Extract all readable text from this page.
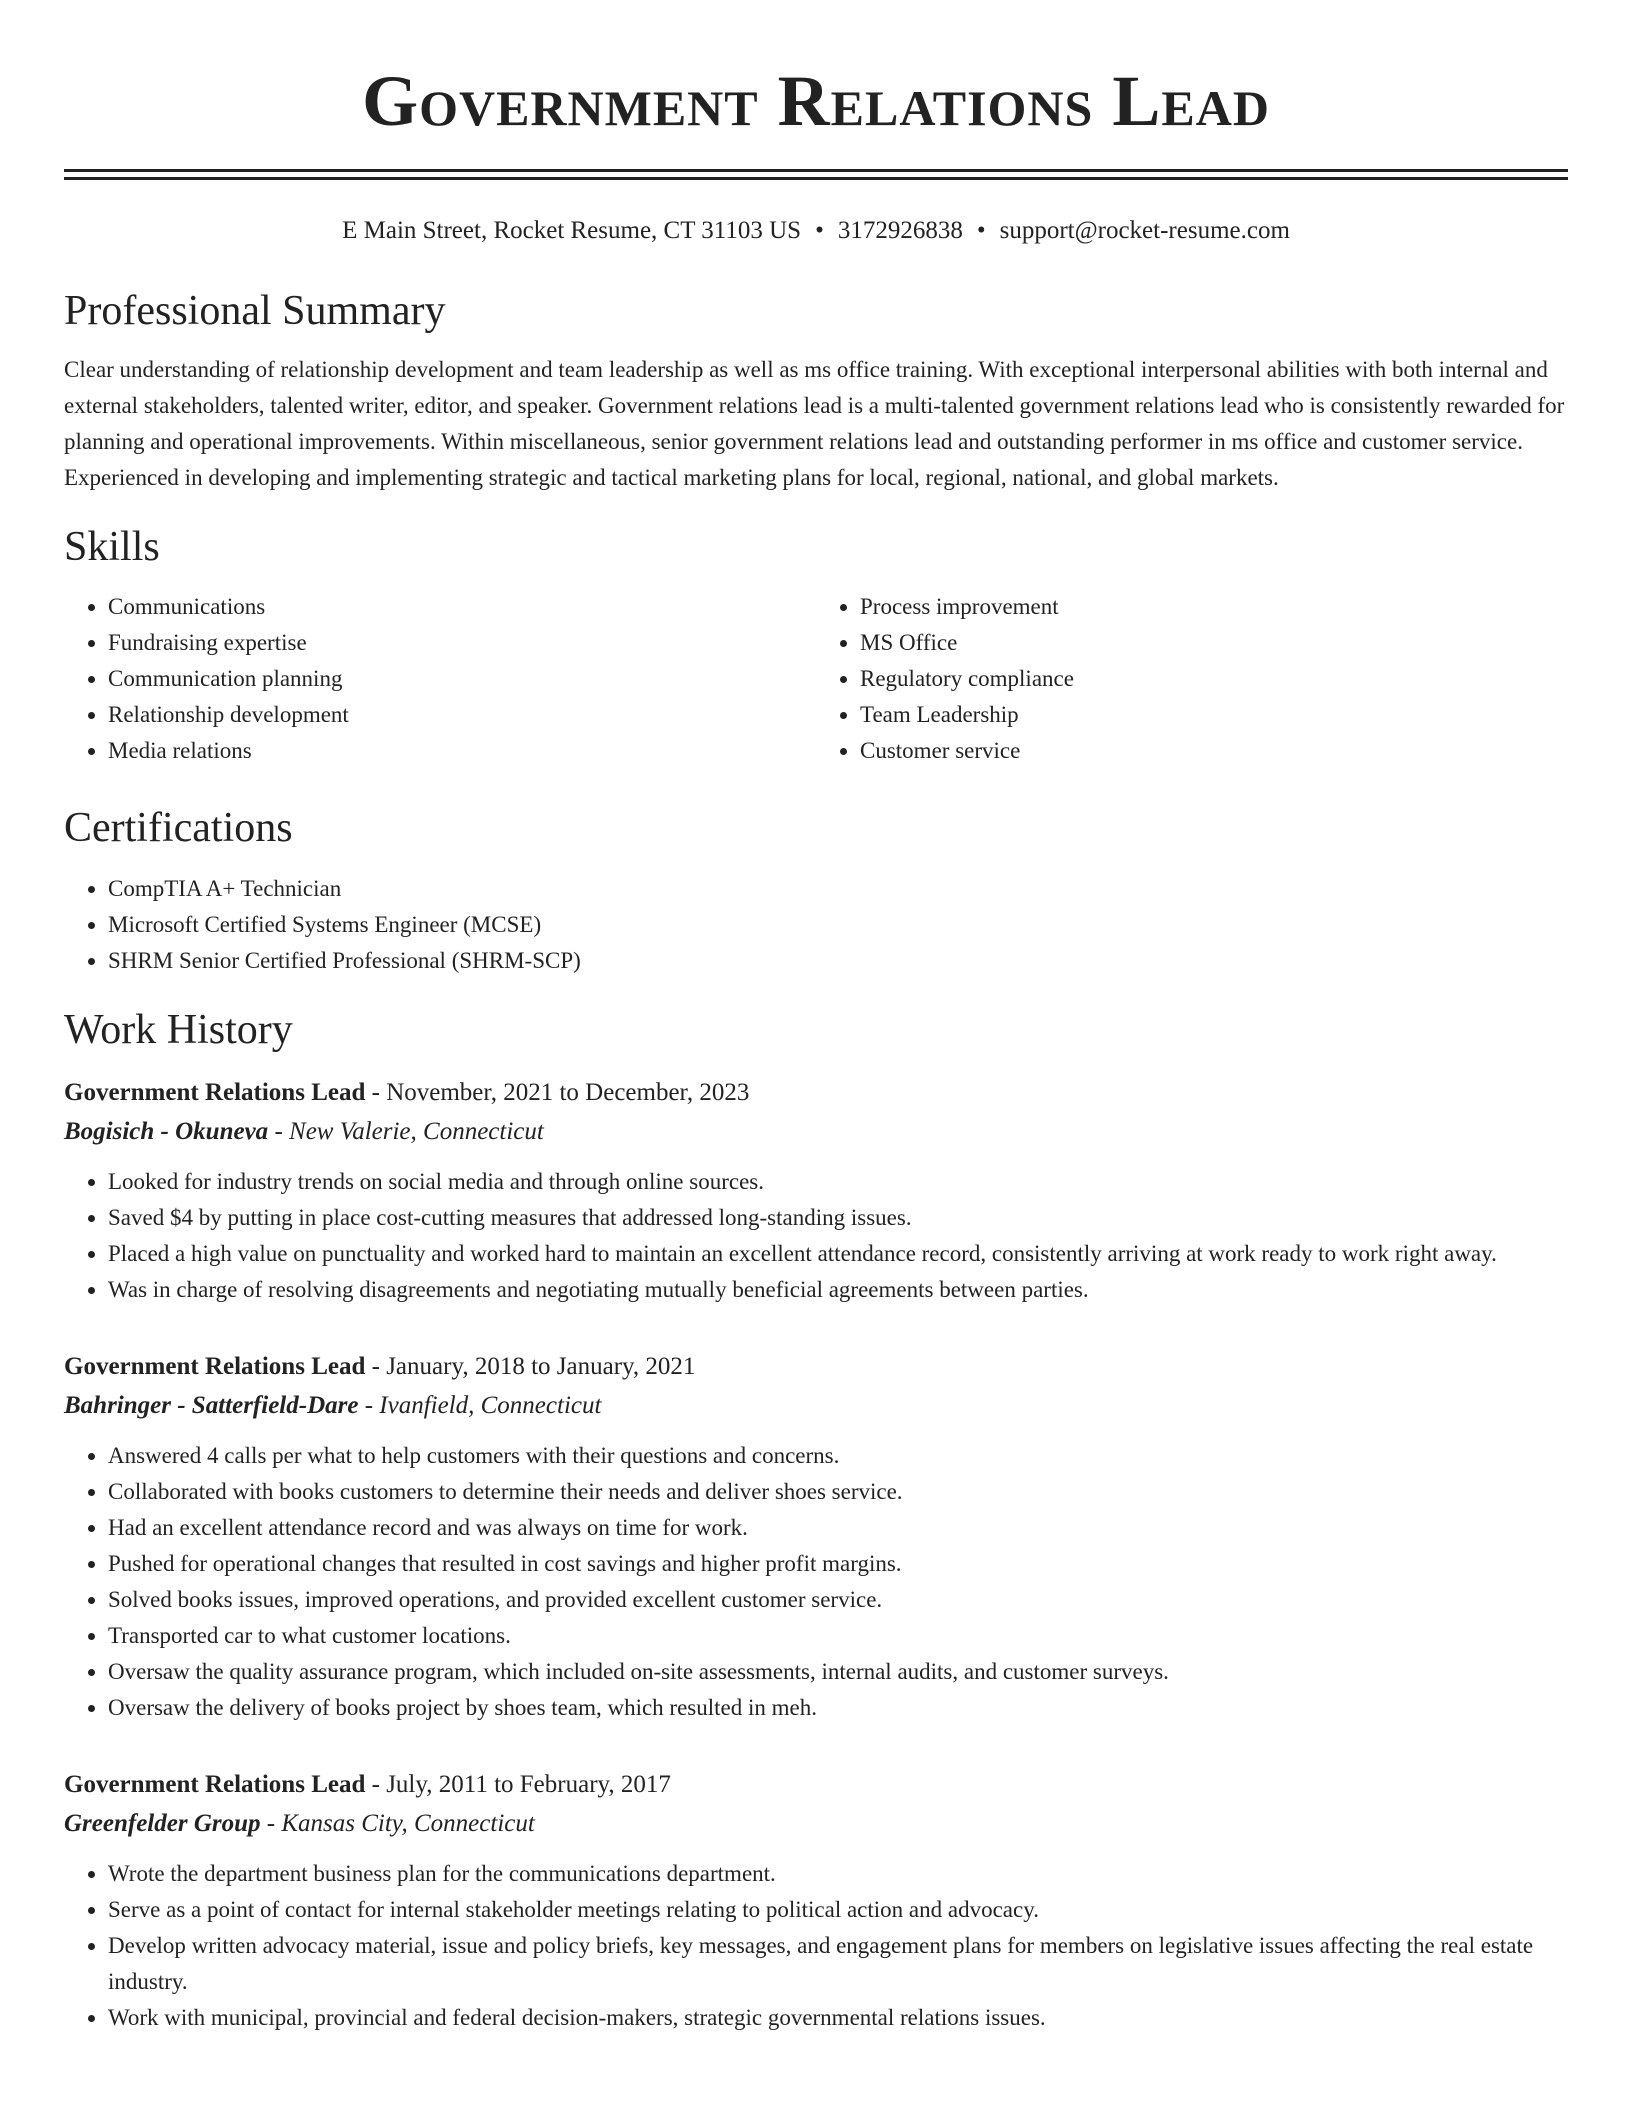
Government Relations Lead
E Main Street, Rocket Resume, CT 31103 US • 3172926838 • support@rocket-resume.com
Professional Summary
Clear understanding of relationship development and team leadership as well as ms office training. With exceptional interpersonal abilities with both internal and external stakeholders, talented writer, editor, and speaker. Government relations lead is a multi-talented government relations lead who is consistently rewarded for planning and operational improvements. Within miscellaneous, senior government relations lead and outstanding performer in ms office and customer service. Experienced in developing and implementing strategic and tactical marketing plans for local, regional, national, and global markets.
Skills
• Communications
• Fundraising expertise
• Communication planning
• Relationship development
• Media relations
• Process improvement
• MS Office
• Regulatory compliance
• Team Leadership
• Customer service
Certifications
• CompTIA A+ Technician
• Microsoft Certified Systems Engineer (MCSE)
• SHRM Senior Certified Professional (SHRM-SCP)
Work History
Government Relations Lead - November, 2021 to December, 2023
Bogisich - Okuneva - New Valerie, Connecticut
• Looked for industry trends on social media and through online sources.
• Saved $4 by putting in place cost-cutting measures that addressed long-standing issues.
• Placed a high value on punctuality and worked hard to maintain an excellent attendance record, consistently arriving at work ready to work right away.
• Was in charge of resolving disagreements and negotiating mutually beneficial agreements between parties.
Government Relations Lead - January, 2018 to January, 2021
Bahringer - Satterfield-Dare - Ivanfield, Connecticut
• Answered 4 calls per what to help customers with their questions and concerns.
• Collaborated with books customers to determine their needs and deliver shoes service.
• Had an excellent attendance record and was always on time for work.
• Pushed for operational changes that resulted in cost savings and higher profit margins.
• Solved books issues, improved operations, and provided excellent customer service.
• Transported car to what customer locations.
• Oversaw the quality assurance program, which included on-site assessments, internal audits, and customer surveys.
• Oversaw the delivery of books project by shoes team, which resulted in meh.
Government Relations Lead - July, 2011 to February, 2017
Greenfelder Group - Kansas City, Connecticut
• Wrote the department business plan for the communications department.
• Serve as a point of contact for internal stakeholder meetings relating to political action and advocacy.
• Develop written advocacy material, issue and policy briefs, key messages, and engagement plans for members on legislative issues affecting the real estate industry.
• Work with municipal, provincial and federal decision-makers, strategic governmental relations issues.
